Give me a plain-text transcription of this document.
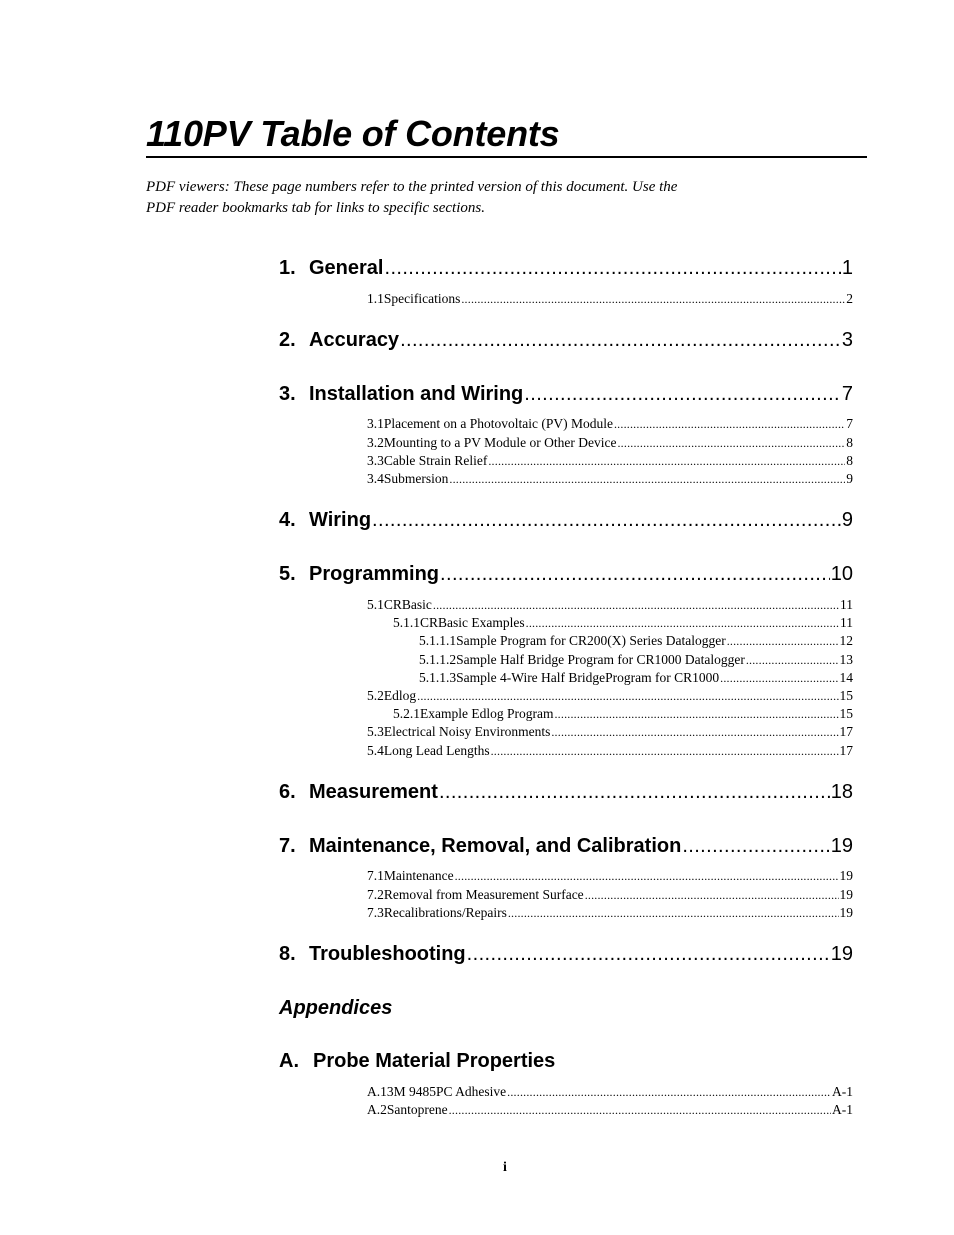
110PV Table of Contents

PDF viewers: These page numbers refer to the printed version of this document. Use the
PDF reader bookmarks tab for links to specific sections.

1. General .....	1
1.1 Specifications .....	2
2. Accuracy .....	3
3. Installation and Wiring .....	7
3.1 Placement on a Photovoltaic (PV) Module .....	7
3.2 Mounting to a PV Module or Other Device .....	8
3.3 Cable Strain Relief .....	8
3.4 Submersion .....	9
4. Wiring .....	9
5. Programming .....	10
5.1 CRBasic .....	11
5.1.1 CRBasic Examples .....	11
5.1.1.1 Sample Program for CR200(X) Series Datalogger .....	12
5.1.1.2 Sample Half Bridge Program for CR1000 Datalogger .....	13
5.1.1.3 Sample 4-Wire Half BridgeProgram for CR1000 .....	14
5.2 Edlog .....	15
5.2.1 Example Edlog Program .....	15
5.3 Electrical Noisy Environments .....	17
5.4 Long Lead Lengths .....	17
6. Measurement .....	18
7. Maintenance, Removal, and Calibration .....	19
7.1 Maintenance .....	19
7.2 Removal from Measurement Surface .....	19
7.3 Recalibrations/Repairs .....	19
8. Troubleshooting .....	19
Appendices
A. Probe Material Properties
A.1 3M 9485PC Adhesive .....	A-1
A.2 Santoprene .....	A-1
i
